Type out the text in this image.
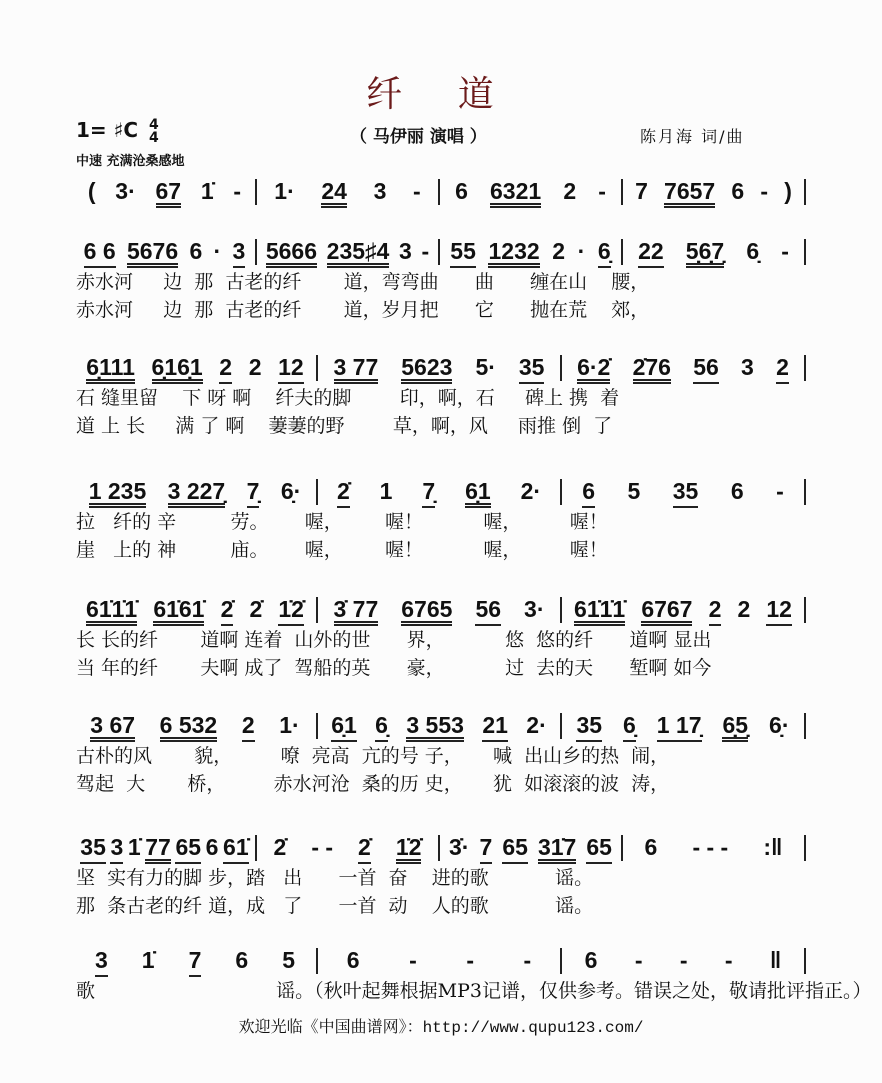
纤 道
1= ♯C 4
4	（ 马伊丽 演唱 ）	陈月海 词/曲
中速 充满沧桑感地
( 3· 67 1̇ - 1· 24 3 - 6 6321 2 - 7 7657 6 - )
6 6 5676 6 · 3 5666 235♯4 3 - 55 1232 2 · 6̣ 22 5̣6̣7̣ 6̣ -
赤水河     边  那  古老的纤       道，弯弯曲      曲      缠在山    腰，
赤水河     边  那  古老的纤       道，岁月把      它      抛在荒    郊，
6̣111 6̣16̣1 2 2 12 3 77 5623 5· 35 6·2̇ 2̇76 56 3 2
石 缝里留    下 呀 啊    纤夫的脚        印，啊，石     碑上 携  着
道 上 长     满 了 啊    萋萋的野        草，啊，风     雨推 倒  了
1 235 3 227̣ 7̣ 6̣· 2̇ 1 7̣ 6̣1 2· 6 5 35 6 -
拉   纤的 辛         劳。      喔，       喔！          喔，        喔！
崖   上的 神         庙。      喔，       喔！          喔，        喔！
61̇1̇1̇ 61̇61̇ 2̇ 2̇ 1̇2̇ 3̇ 77 6765 56 3· 61̇1̇1̇ 6767 2 2 12
长 长的纤       道啊 连着  山外的世      界，          悠  悠的纤      道啊 显出
当 年的纤       夫啊 成了  驾船的英      豪，          过  去的天      堑啊 如今
3 67 6 532 2 1· 6̣1 6̣ 3 553 21 2· 35 6̣ 1 17̣ 6̣5̣ 6̣·
古朴的风       貌，        嘹  亮高  亢的号 子，     喊  出山乡的热  闹，
驾起  大       桥，        赤水河沧  桑的历 史，     犹  如滚滚的波  涛，
35 3 1̇ 77 65 6 61̇ 2̇ - - 2̇ 1̇2̇ 3̇· 7 65 31̇7 65 6 - - - :‖
坚  实有力的脚 步，踏   出      一首  奋    进的歌           谣。
那  条古老的纤 道，成   了      一首  动    人的歌           谣。
3 1̇ 7 6 5 6 - - - 6 - - - ‖
歌                              谣。（秋叶起舞根据MP3记谱，仅供参考。错误之处，敬请批评指正。）
欢迎光临《中国曲谱网》：http://www.qupu123.com/
